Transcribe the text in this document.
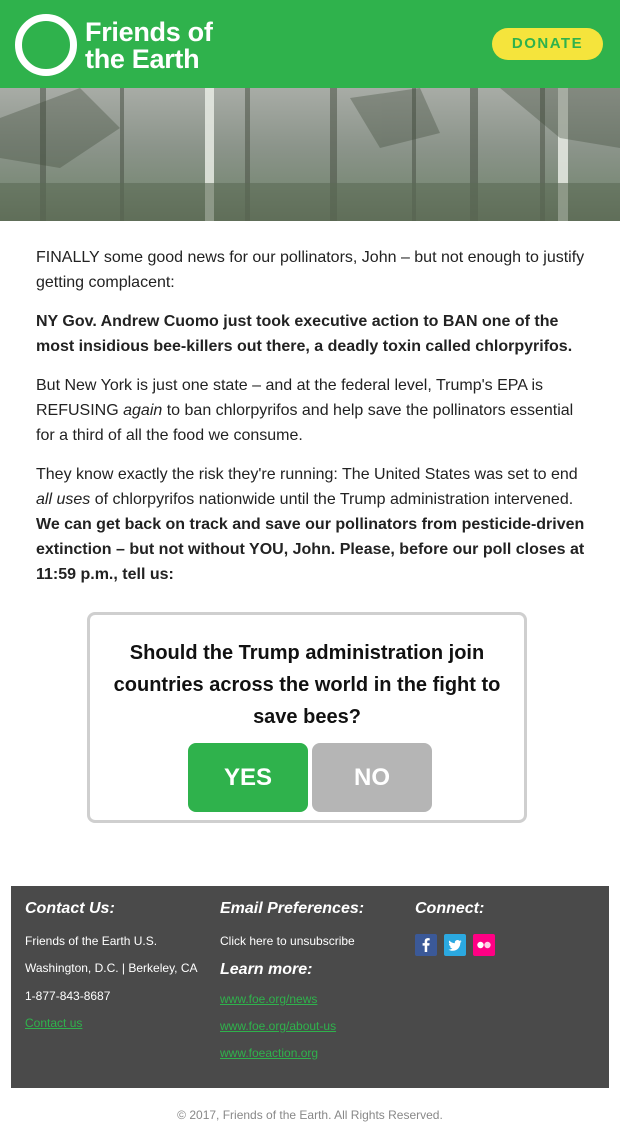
Friends of
the Earth
DONATE

FINALLY some good news for our pollinators, John – but not enough to justify getting complacent:

NY Gov. Andrew Cuomo just took executive action to BAN one of the most insidious bee-killers out there, a deadly toxin called chlorpyrifos.

But New York is just one state – and at the federal level, Trump's EPA is REFUSING again to ban chlorpyrifos and help save the pollinators essential for a third of all the food we consume.

They know exactly the risk they're running: The United States was set to end all uses of chlorpyrifos nationwide until the Trump administration intervened. We can get back on track and save our pollinators from pesticide-driven extinction – but not without YOU, John. Please, before our poll closes at 11:59 p.m., tell us:

Should the Trump administration join countries across the world in the fight to save bees?
YES	NO
Contact Us:
Friends of the Earth U.S.
Washington, D.C. | Berkeley, CA
1-877-843-8687
Contact us
Email Preferences:
Click here to unsubscribe
Learn more:
www.foe.org/news
www.foe.org/about-us
www.foeaction.org
Connect:
© 2017, Friends of the Earth. All Rights Reserved.
